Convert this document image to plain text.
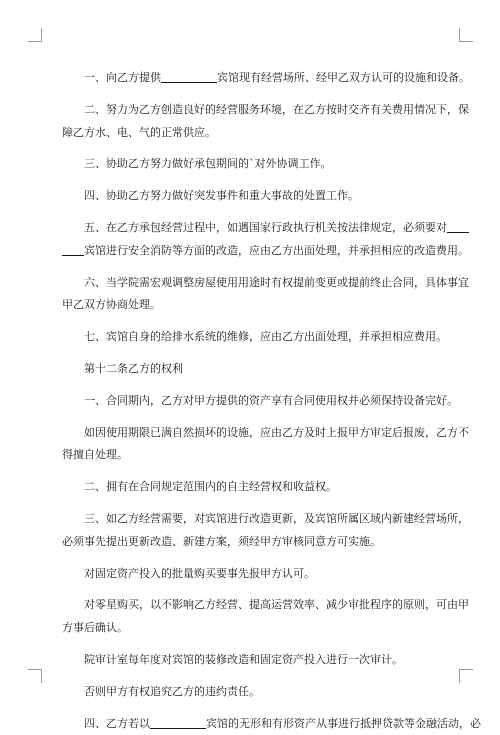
一、向乙方提供	宾馆现有经营场所、经甲乙双方认可的设施和设备。
二、努力为乙方创造良好的经营服务环境，在乙方按时交齐有关费用情况下，保
障乙方水、电、气的正常供应。
三、协助乙方努力做好承包期间的`对外协调工作。
四、协助乙方努力做好突发事件和重大事故的处置工作。
五、在乙方承包经营过程中，如遇国家行政执行机关按法律规定，必须要对
宾馆进行安全消防等方面的改造，应由乙方出面处理，并承担相应的改造费用。
六、当学院需宏观调整房屋使用用途时有权提前变更或提前终止合同，具体事宜
甲乙双方协商处理。
七、宾馆自身的给排水系统的维修，应由乙方出面处理，并承担相应费用。
第十二条乙方的权利
一、合同期内，乙方对甲方提供的资产享有合同使用权并必须保持设备完好。
如因使用期限已满自然损坏的设施，应由乙方及时上报甲方审定后报废，乙方不
得擅自处理。
二、拥有在合同规定范围内的自主经营权和收益权。
三、如乙方经营需要，对宾馆进行改造更新，及宾馆所属区域内新建经营场所，
必须事先提出更新改造、新建方案，须经甲方审核同意方可实施。
对固定资产投入的批量购买要事先报甲方认可。
对零星购买，以不影响乙方经营、提高运营效率、减少审批程序的原则，可由甲
方事后确认。
院审计室每年度对宾馆的装修改造和固定资产投入进行一次审计。
否则甲方有权追究乙方的违约责任。
四、乙方若以	宾馆的无形和有形资产从事进行抵押贷款等金融活动，必
